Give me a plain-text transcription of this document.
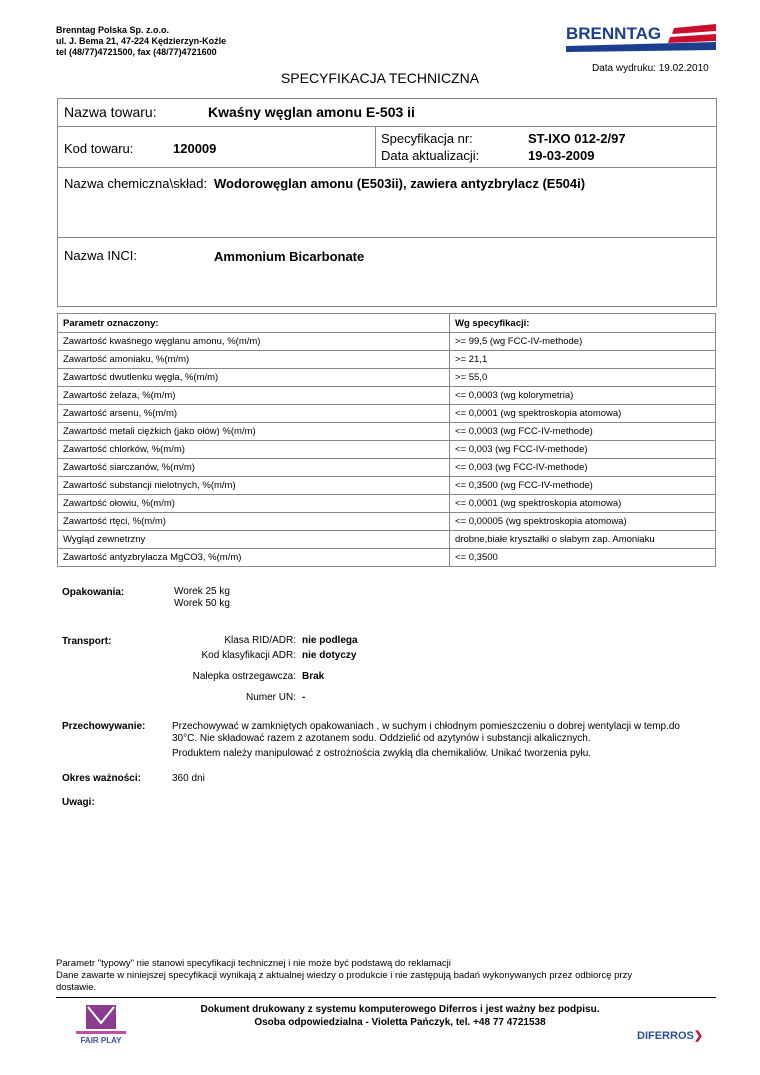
Brenntag Polska Sp. z.o.o.
ul. J. Bema 21, 47-224 Kędzierzyn-Koźle
tel (48/77)4721500, fax (48/77)4721600
BRENNTAG
Data wydruku: 19.02.2010
SPECYFIKACJA TECHNICZNA
Nazwa towaru:	Kwaśny węglan amonu E-503 ii
Kod towaru:	120009
Specyfikacja nr:	ST-IXO 012-2/97
Data aktualizacji:	19-03-2009
Nazwa chemiczna\skład: Wodorowęglan amonu (E503ii), zawiera antyzbrylacz (E504i)
Nazwa INCI:	Ammonium Bicarbonate
Parametr oznaczony:	Wg specyfikacji:
Zawartość kwaśnego węglanu amonu, %(m/m)	>= 99,5 (wg FCC-IV-methode)
Zawartość amoniaku, %(m/m)	>= 21,1
Zawartość dwutlenku węgla, %(m/m)	>= 55,0
Zawartość żelaza, %(m/m)	<= 0,0003 (wg kolorymetria)
Zawartość arsenu, %(m/m)	<= 0,0001 (wg spektroskopia atomowa)
Zawartość metali ciężkich (jako ołów) %(m/m)	<= 0,0003 (wg FCC-IV-methode)
Zawartość chlorków, %(m/m)	<= 0,003 (wg FCC-IV-methode)
Zawartość siarczanów, %(m/m)	<= 0,003 (wg FCC-IV-methode)
Zawartość substancji nielotnych, %(m/m)	<= 0,3500 (wg FCC-IV-methode)
Zawartość ołowiu, %(m/m)	<= 0,0001 (wg spektroskopia atomowa)
Zawartość rtęci, %(m/m)	<= 0,00005 (wg spektroskopia atomowa)
Wygląd zewnetrzny	drobne,białe kryształki o słabym zap. Amoniaku
Zawartość antyzbrylacza MgCO3, %(m/m)	<= 0,3500
Opakowania:	Worek 25 kg
Worek 50 kg
Transport:	Klasa RID/ADR: nie podlega
Kod klasyfikacji ADR: nie dotyczy
Nalepka ostrzegawcza: Brak
Numer UN: -
Przechowywanie:	Przechowywać w zamkniętych opakowaniach , w suchym i chłodnym pomieszczeniu o dobrej wentylacji w temp.do
30°C. Nie składować razem z azotanem sodu. Oddzielić od azytynów i substancji alkalicznych.
Produktem należy manipulować z ostrożnościa zwykłą dla chemikaliów. Unikać tworzenia pyłu.
Okres ważności:	360 dni
Uwagi:
Parametr "typowy" nie stanowi specyfikacji technicznej i nie może być podstawą do reklamacji
Dane zawarte w niniejszej specyfikacji wynikają z aktualnej wiedzy o produkcie i nie zastępują badań wykonywanych przez odbiorcę przy
dostawie.
Dokument drukowany z systemu komputerowego Diferros i jest ważny bez podpisu.
Osoba odpowiedzialna - Violetta Pańczyk, tel. +48 77 4721538
FAIR PLAY	DIFERROS❯
